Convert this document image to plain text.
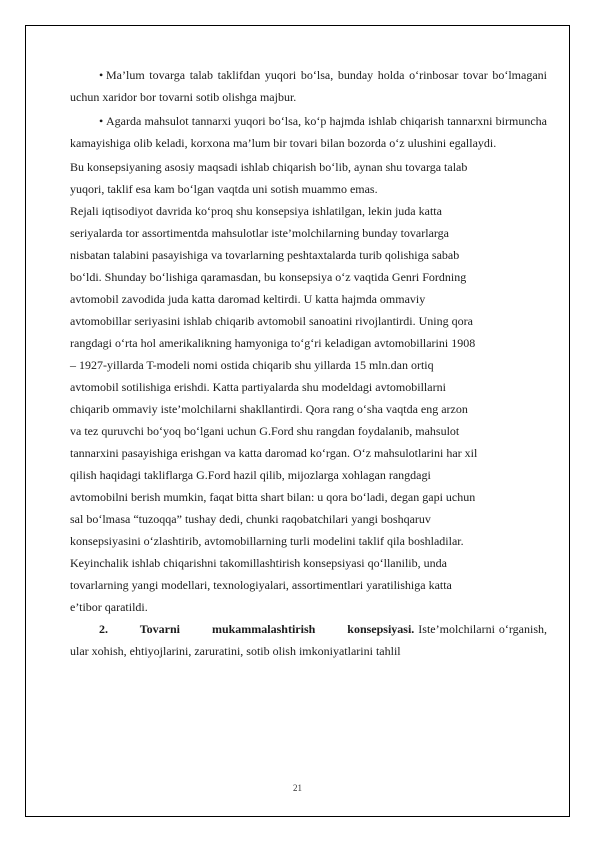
• Ma’lum tovarga talab taklifdan yuqori bo‘lsa, bunday holda o‘rinbosar tovar bo‘lmagani uchun xaridor bor tovarni sotib olishga majbur.

• Agarda mahsulot tannarxi yuqori bo‘lsa, ko‘p hajmda ishlab chiqarish tannarxni birmuncha kamayishiga olib keladi, korxona ma’lum bir tovari bilan bozorda o‘z ulushini egallaydi.

Bu konsepsiyaning asosiy maqsadi ishlab chiqarish bo‘lib, aynan shu tovarga talab
yuqori, taklif esa kam bo‘lgan vaqtda uni sotish muammo emas.
Rejali iqtisodiyot davrida ko‘proq shu konsepsiya ishlatilgan, lekin juda katta
seriyalarda tor assortimentda mahsulotlar iste’molchilarning bunday tovarlarga
nisbatan talabini pasayishiga va tovarlarning peshtaxtalarda turib qolishiga sabab
bo‘ldi. Shunday bo‘lishiga qaramasdan, bu konsepsiya o‘z vaqtida Genri Fordning
avtomobil zavodida juda katta daromad keltirdi. U katta hajmda ommaviy
avtomobillar seriyasini ishlab chiqarib avtomobil sanoatini rivojlantirdi. Uning qora
rangdagi o‘rta hol amerikalikning hamyoniga to‘g‘ri keladigan avtomobillarini 1908
– 1927-yillarda T-modeli nomi ostida chiqarib shu yillarda 15 mln.dan ortiq
avtomobil sotilishiga erishdi. Katta partiyalarda shu modeldagi avtomobillarni
chiqarib ommaviy iste’molchilarni shakllantirdi. Qora rang o‘sha vaqtda eng arzon
va tez quruvchi bo‘yoq bo‘lgani uchun G.Ford shu rangdan foydalanib, mahsulot
tannarxini pasayishiga erishgan va katta daromad ko‘rgan. O‘z mahsulotlarini har xil
qilish haqidagi takliflarga G.Ford hazil qilib, mijozlarga xohlagan rangdagi
avtomobilni berish mumkin, faqat bitta shart bilan: u qora bo‘ladi, degan gapi uchun
sal bo‘lmasa “tuzoqqa” tushay dedi, chunki raqobatchilari yangi boshqaruv
konsepsiyasini o‘zlashtirib, avtomobillarning turli modelini taklif qila boshladilar.
Keyinchalik ishlab chiqarishni takomillashtirish konsepsiyasi qo‘llanilib, unda
tovarlarning yangi modellari, texnologiyalari, assortimentlari yaratilishiga katta
e’tibor qaratildi.

2. Tovarni mukammalashtirish konsepsiyasi. Iste’molchilarni o‘rganish, ular xohish, ehtiyojlarini, zaruratini, sotib olish imkoniyatlarini tahlil

21
